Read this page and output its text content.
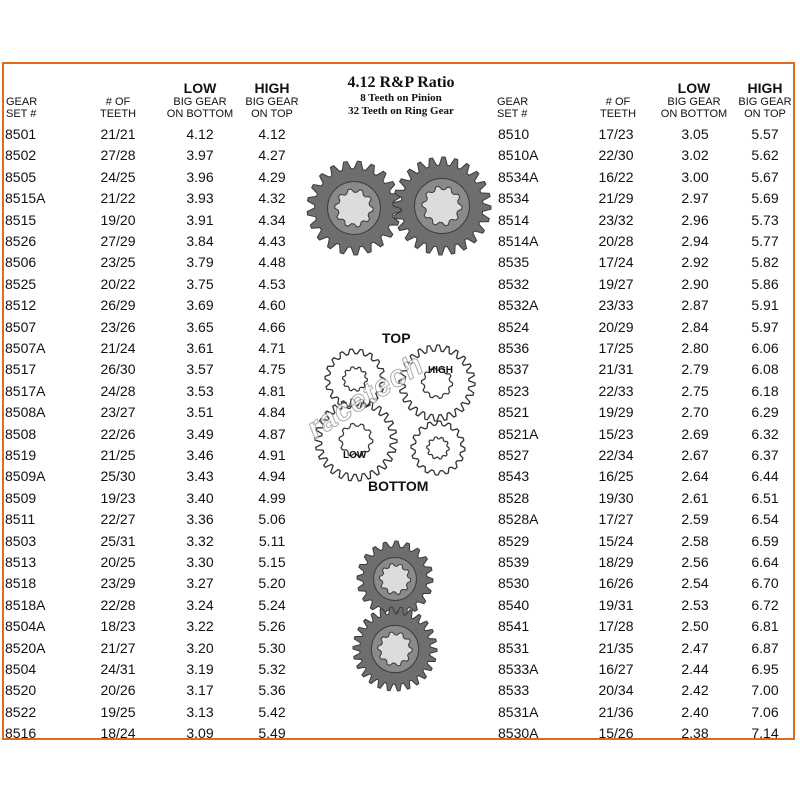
GEAR
SET #
# OF
TEETH
LOW
BIG GEAR
ON BOTTOM
HIGH
BIG GEAR
ON TOP
4.12 R&P Ratio
8 Teeth on Pinion
32 Teeth on Ring Gear
GEAR
SET #
# OF
TEETH
LOW
BIG GEAR
ON BOTTOM
HIGH
BIG GEAR
ON TOP
8501	21/21	4.12	4.12
8502	27/28	3.97	4.27
8505	24/25	3.96	4.29
8515A	21/22	3.93	4.32
8515	19/20	3.91	4.34
8526	27/29	3.84	4.43
8506	23/25	3.79	4.48
8525	20/22	3.75	4.53
8512	26/29	3.69	4.60
8507	23/26	3.65	4.66
8507A	21/24	3.61	4.71
8517	26/30	3.57	4.75
8517A	24/28	3.53	4.81
8508A	23/27	3.51	4.84
8508	22/26	3.49	4.87
8519	21/25	3.46	4.91
8509A	25/30	3.43	4.94
8509	19/23	3.40	4.99
8511	22/27	3.36	5.06
8503	25/31	3.32	5.11
8513	20/25	3.30	5.15
8518	23/29	3.27	5.20
8518A	22/28	3.24	5.24
8504A	18/23	3.22	5.26
8520A	21/27	3.20	5.30
8504	24/31	3.19	5.32
8520	20/26	3.17	5.36
8522	19/25	3.13	5.42
8516	18/24	3.09	5.49
8510	17/23	3.05	5.57
8510A	22/30	3.02	5.62
8534A	16/22	3.00	5.67
8534	21/29	2.97	5.69
8514	23/32	2.96	5.73
8514A	20/28	2.94	5.77
8535	17/24	2.92	5.82
8532	19/27	2.90	5.86
8532A	23/33	2.87	5.91
8524	20/29	2.84	5.97
8536	17/25	2.80	6.06
8537	21/31	2.79	6.08
8523	22/33	2.75	6.18
8521	19/29	2.70	6.29
8521A	15/23	2.69	6.32
8527	22/34	2.67	6.37
8543	16/25	2.64	6.44
8528	19/30	2.61	6.51
8528A	17/27	2.59	6.54
8529	15/24	2.58	6.59
8539	18/29	2.56	6.64
8530	16/26	2.54	6.70
8540	19/31	2.53	6.72
8541	17/28	2.50	6.81
8531	21/35	2.47	6.87
8533A	16/27	2.44	6.95
8533	20/34	2.42	7.00
8531A	21/36	2.40	7.06
8530A	15/26	2.38	7.14
TOP
BOTTOM
HIGH
LOW
racetech
